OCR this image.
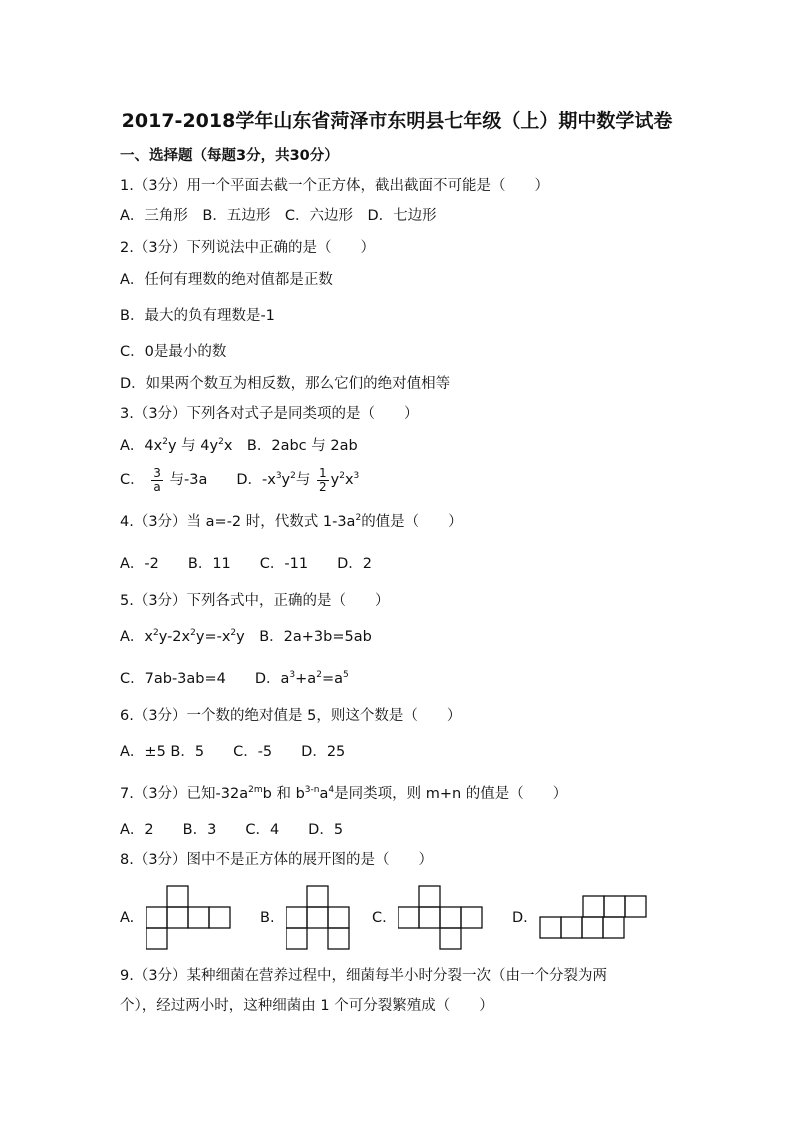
2017-2018学年山东省菏泽市东明县七年级（上）期中数学试卷
一、选择题（每题3分，共30分）
1.（3分）用一个平面去截一个正方体，截出截面不可能是（　　）
A．三角形　B．五边形　C．六边形　D．七边形
2.（3分）下列说法中正确的是（　　）
A．任何有理数的绝对值都是正数
B．最大的负有理数是-1
C．0是最小的数
D．如果两个数互为相反数，那么它们的绝对值相等
3.（3分）下列各对式子是同类项的是（　　）
A．$4x^2y$ 与 $4y^2x$　B．2abc 与 2ab
C． $\frac{3}{a}$ 与-3a　　D．$-x^3y^2$与 $\frac{1}{2} y^2x^3$
4.（3分）当 a=-2 时，代数式 $1-3a^2$的值是（　　）
A．-2　　B．11　　C．-11　　D．2
5.（3分）下列各式中，正确的是（　　）
A．$x^2y-2x^2y=-x^2y$　B．2a+3b=5ab
C．7ab-3ab=4　　D．$a^3+a^2=a^5$
6.（3分）一个数的绝对值是 5，则这个数是（　　）
A．±5 B．5　　C．-5　　D．25
7.（3分）已知$-32a^{2m}b$ 和 $b^{3-n}a^4$是同类项，则 m+n 的值是（　　）
A．2　　B．3　　C．4　　D．5
8.（3分）图中不是正方体的展开图的是（　　）
A.	B.	C.	D.
9.（3分）某种细菌在营养过程中，细菌每半小时分裂一次（由一个分裂为两
个），经过两小时，这种细菌由 1 个可分裂繁殖成（　　）
